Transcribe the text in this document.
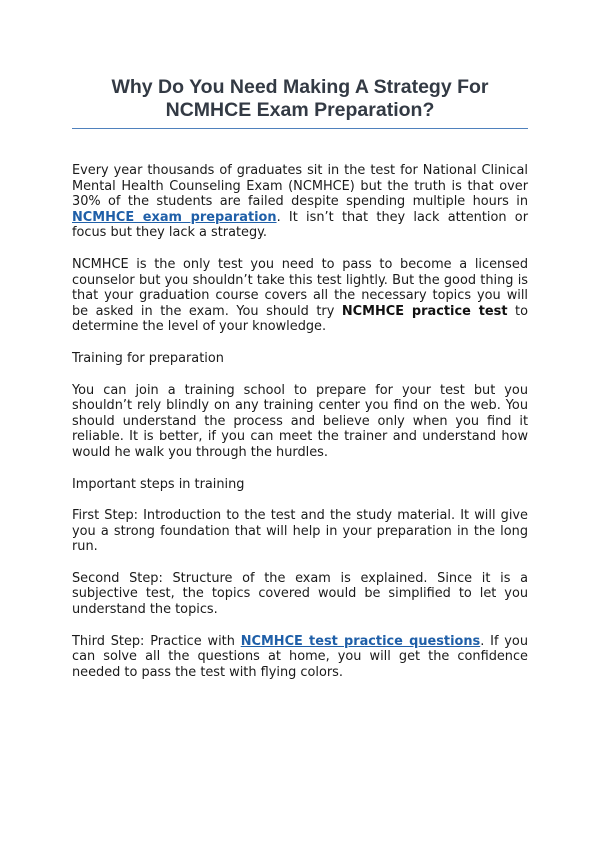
Why Do You Need Making A Strategy For NCMHCE Exam Preparation?

Every year thousands of graduates sit in the test for National Clinical Mental Health Counseling Exam (NCMHCE) but the truth is that over 30% of the students are failed despite spending multiple hours in NCMHCE exam preparation. It isn’t that they lack attention or focus but they lack a strategy.

NCMHCE is the only test you need to pass to become a licensed counselor but you shouldn’t take this test lightly. But the good thing is that your graduation course covers all the necessary topics you will be asked in the exam. You should try NCMHCE practice test to determine the level of your knowledge.

Training for preparation

You can join a training school to prepare for your test but you shouldn’t rely blindly on any training center you find on the web. You should understand the process and believe only when you find it reliable. It is better, if you can meet the trainer and understand how would he walk you through the hurdles.

Important steps in training

First Step: Introduction to the test and the study material. It will give you a strong foundation that will help in your preparation in the long run.

Second Step: Structure of the exam is explained. Since it is a subjective test, the topics covered would be simplified to let you understand the topics.

Third Step: Practice with NCMHCE test practice questions. If you can solve all the questions at home, you will get the confidence needed to pass the test with flying colors.
